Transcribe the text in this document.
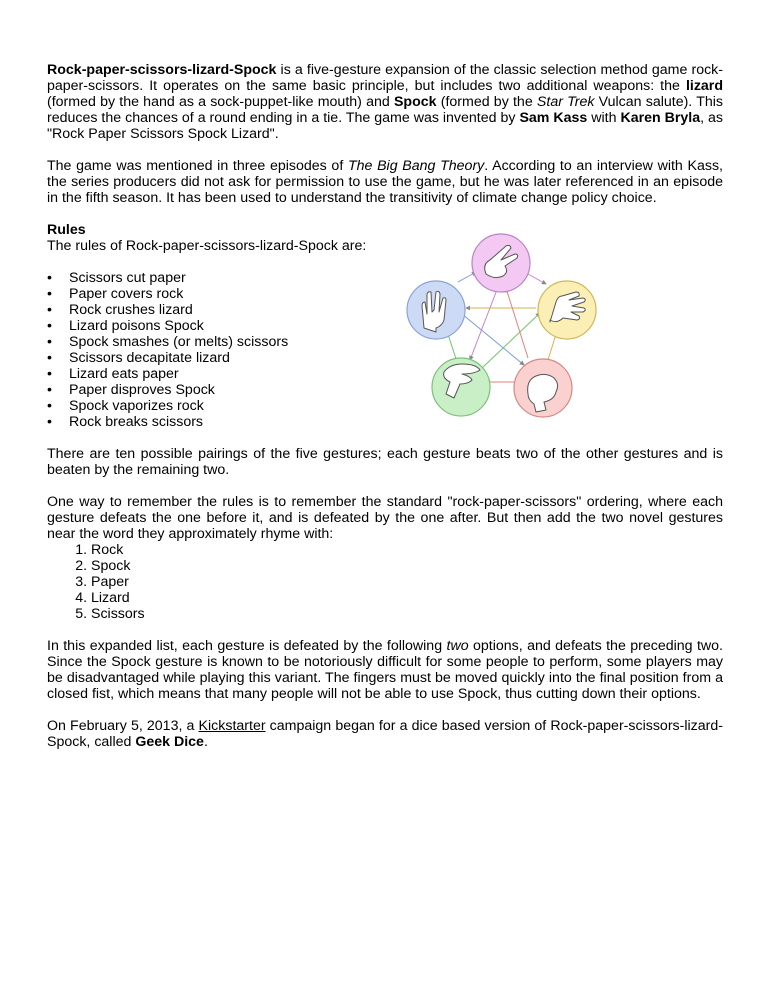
Rock-paper-scissors-lizard-Spock is a five-gesture expansion of the classic selection method game rock-paper-scissors. It operates on the same basic principle, but includes two additional weapons: the lizard (formed by the hand as a sock-puppet-like mouth) and Spock (formed by the Star Trek Vulcan salute). This reduces the chances of a round ending in a tie. The game was invented by Sam Kass with Karen Bryla, as "Rock Paper Scissors Spock Lizard".

The game was mentioned in three episodes of The Big Bang Theory. According to an interview with Kass, the series producers did not ask for permission to use the game, but he was later referenced in an episode in the fifth season. It has been used to understand the transitivity of climate change policy choice.

Rules
The rules of Rock-paper-scissors-lizard-Spock are:
• Scissors cut paper
• Paper covers rock
• Rock crushes lizard
• Lizard poisons Spock
• Spock smashes (or melts) scissors
• Scissors decapitate lizard
• Lizard eats paper
• Paper disproves Spock
• Spock vaporizes rock
• Rock breaks scissors

There are ten possible pairings of the five gestures; each gesture beats two of the other gestures and is beaten by the remaining two.

One way to remember the rules is to remember the standard "rock-paper-scissors" ordering, where each gesture defeats the one before it, and is defeated by the one after. But then add the two novel gestures near the word they approximately rhyme with:

1. Rock
2. Spock
3. Paper
4. Lizard
5. Scissors

In this expanded list, each gesture is defeated by the following two options, and defeats the preceding two. Since the Spock gesture is known to be notoriously difficult for some people to perform, some players may be disadvantaged while playing this variant. The fingers must be moved quickly into the final position from a closed fist, which means that many people will not be able to use Spock, thus cutting down their options.

On February 5, 2013, a Kickstarter campaign began for a dice based version of Rock-paper-scissors-lizard-Spock, called Geek Dice.
